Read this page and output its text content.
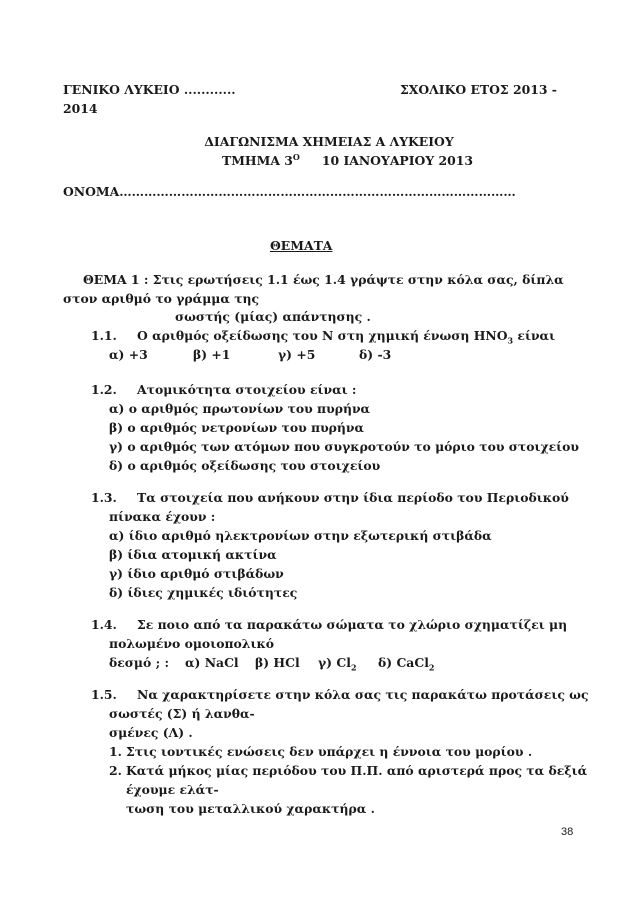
ΓΕΝΙΚΟ ΛΥΚΕΙΟ ............	ΣΧΟΛΙΚΟ ΕΤΟΣ 2013 -
2014
ΔΙΑΓΩΝΙΣΜΑ ΧΗΜΕΙΑΣ Α ΛΥΚΕΙΟΥ
ΤΜΗΜΑ $3^O$ 10 ΙΑΝΟΥΑΡΙΟΥ 2013
ΟΝΟΜΑ……………………………………………………………………………………
ΘΕΜΑΤΑ
ΘΕΜΑ 1 : Στις ερωτήσεις 1.1 έως 1.4 γράψτε στην κόλα σας, δίπλα
στον αριθμό το γράμμα της
σωστής (μίας) απάντησης .
1.1. Ο αριθμός οξείδωσης του N στη χημική ένωση $HNO_3$ είναι
α) +3	β) +1	γ) +5	δ) -3
1.2. Ατομικότητα στοιχείου είναι :
α) ο αριθμός πρωτονίων του πυρήνα
β) ο αριθμός νετρονίων του πυρήνα
γ) ο αριθμός των ατόμων που συγκροτούν το μόριο του στοιχείου
δ) ο αριθμός οξείδωσης του στοιχείου
1.3. Τα στοιχεία που ανήκουν στην ίδια περίοδο του Περιοδικού
πίνακα έχουν :
α) ίδιο αριθμό ηλεκτρονίων στην εξωτερική στιβάδα
β) ίδια ατομική ακτίνα
γ) ίδιο αριθμό στιβάδων
δ) ίδιες χημικές ιδιότητες
1.4. Σε ποιο από τα παρακάτω σώματα το χλώριο σχηματίζει μη
πολωμένο ομοιοπολικό
δεσμό ; : α) NaCl β) HCl γ) $Cl_2$ δ) CaCl$_2$
1.5. Να χαρακτηρίσετε στην κόλα σας τις παρακάτω προτάσεις ως
σωστές (Σ) ή λανθα-
σμένες (Λ) .
1. Στις ιοντικές ενώσεις δεν υπάρχει η έννοια του μορίου .
2. Κατά μήκος μίας περιόδου του Π.Π. από αριστερά προς τα δεξιά
έχουμε ελάτ-
τωση του μεταλλικού χαρακτήρα .
38
